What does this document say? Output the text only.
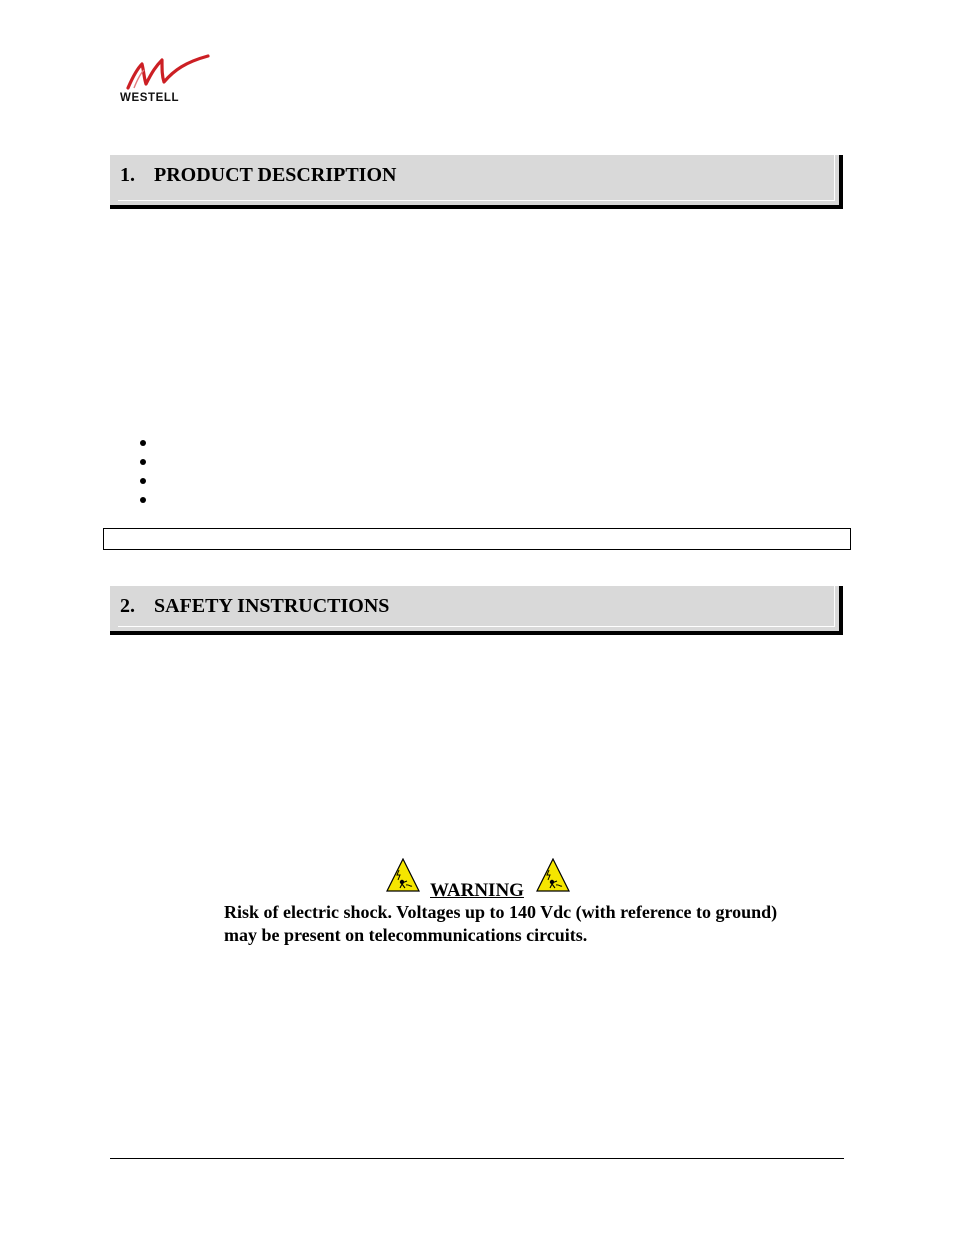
WESTELL
1. PRODUCT DESCRIPTION
2. SAFETY INSTRUCTIONS
WARNING
Risk of electric shock. Voltages up to 140 Vdc (with reference to ground) may be present on telecommunications circuits.
